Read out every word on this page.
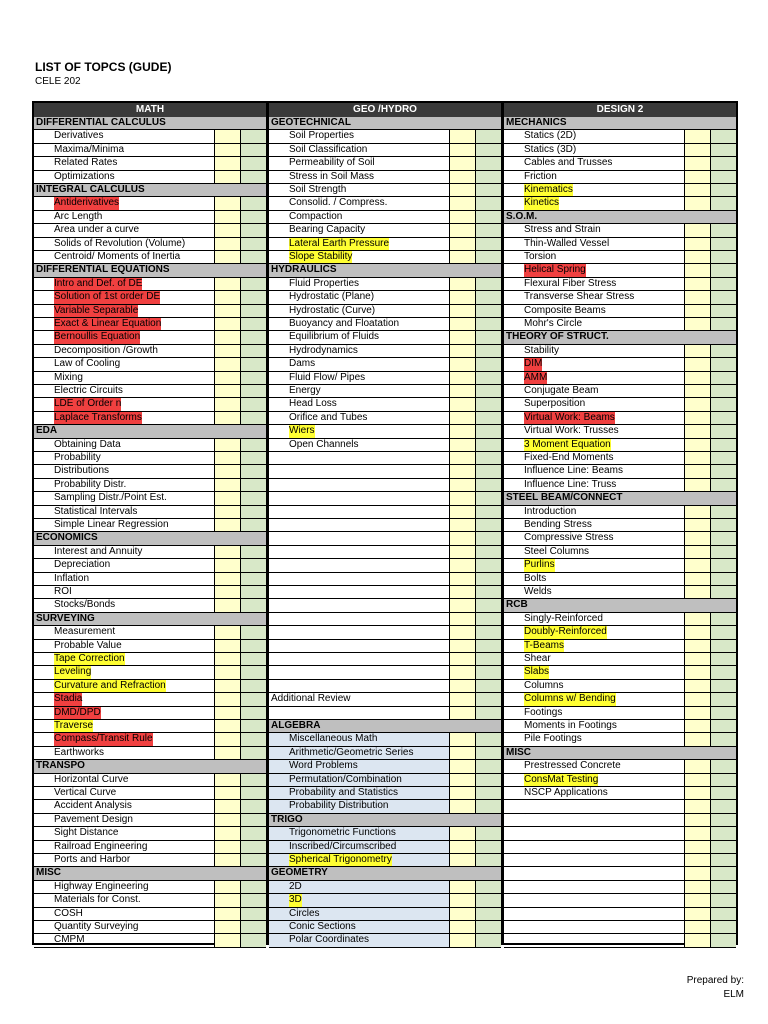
LIST OF TOPCS (GUDE)
CELE 202
MATH
DIFFERENTIAL CALCULUS
Derivatives
Maxima/Minima
Related Rates
Optimizations
INTEGRAL CALCULUS
Antiderivatives
Arc Length
Area under a curve
Solids of Revolution (Volume)
Centroid/ Moments of Inertia
DIFFERENTIAL EQUATIONS
Intro and Def. of DE
Solution of 1st order DE
Variable Separable
Exact & Linear Equation
Bernoullis Equation
Decomposition /Growth
Law of Cooling
Mixing
Electric Circuits
LDE of Order n
Laplace Transforms
EDA
Obtaining Data
Probability
Distributions
Probability Distr.
Sampling Distr./Point Est.
Statistical Intervals
Simple Linear Regression
ECONOMICS
Interest and Annuity
Depreciation
Inflation
ROI
Stocks/Bonds
SURVEYING
Measurement
Probable Value
Tape Correction
Leveling
Curvature and Refraction
Stadia
DMD/DPD
Traverse
Compass/Transit Rule
Earthworks
TRANSPO
Horizontal Curve
Vertical Curve
Accident Analysis
Pavement Design
Sight Distance
Railroad Engineering
Ports and Harbor
MISC
Highway Engineering
Materials for Const.
COSH
Quantity Surveying
CMPM
GEO /HYDRO
GEOTECHNICAL
Soil Properties
Soil Classification
Permeability of Soil
Stress in Soil Mass
Soil Strength
Consolid. / Compress.
Compaction
Bearing Capacity
Lateral Earth Pressure
Slope Stability
HYDRAULICS
Fluid Properties
Hydrostatic (Plane)
Hydrostatic (Curve)
Buoyancy and Floatation
Equilibrium of Fluids
Hydrodynamics
Dams
Fluid Flow/ Pipes
Energy
Head Loss
Orifice and Tubes
Wiers
Open Channels
Additional Review
ALGEBRA
Miscellaneous Math
Arithmetic/Geometric Series
Word Problems
Permutation/Combination
Probability and Statistics
Probability Distribution
TRIGO
Trigonometric Functions
Inscribed/Circumscribed
Spherical Trigonometry
GEOMETRY
2D
3D
Circles
Conic Sections
Polar Coordinates
DESIGN 2
MECHANICS
Statics (2D)
Statics (3D)
Cables and Trusses
Friction
Kinematics
Kinetics
S.O.M.
Stress and Strain
Thin-Walled Vessel
Torsion
Helical Spring
Flexural Fiber Stress
Transverse Shear Stress
Composite Beams
Mohr's Circle
THEORY OF STRUCT.
Stability
DIM
AMM
Conjugate Beam
Superposition
Virtual Work: Beams
Virtual Work: Trusses
3 Moment Equation
Fixed-End Moments
Influence Line: Beams
Influence Line: Truss
STEEL BEAM/CONNECT
Introduction
Bending Stress
Compressive Stress
Steel Columns
Purlins
Bolts
Welds
RCB
Singly-Reinforced
Doubly-Reinforced
T-Beams
Shear
Slabs
Columns
Columns w/ Bending
Footings
Moments in Footings
Pile Footings
MISC
Prestressed Concrete
ConsMat Testing
NSCP Applications
Prepared by:
ELM
